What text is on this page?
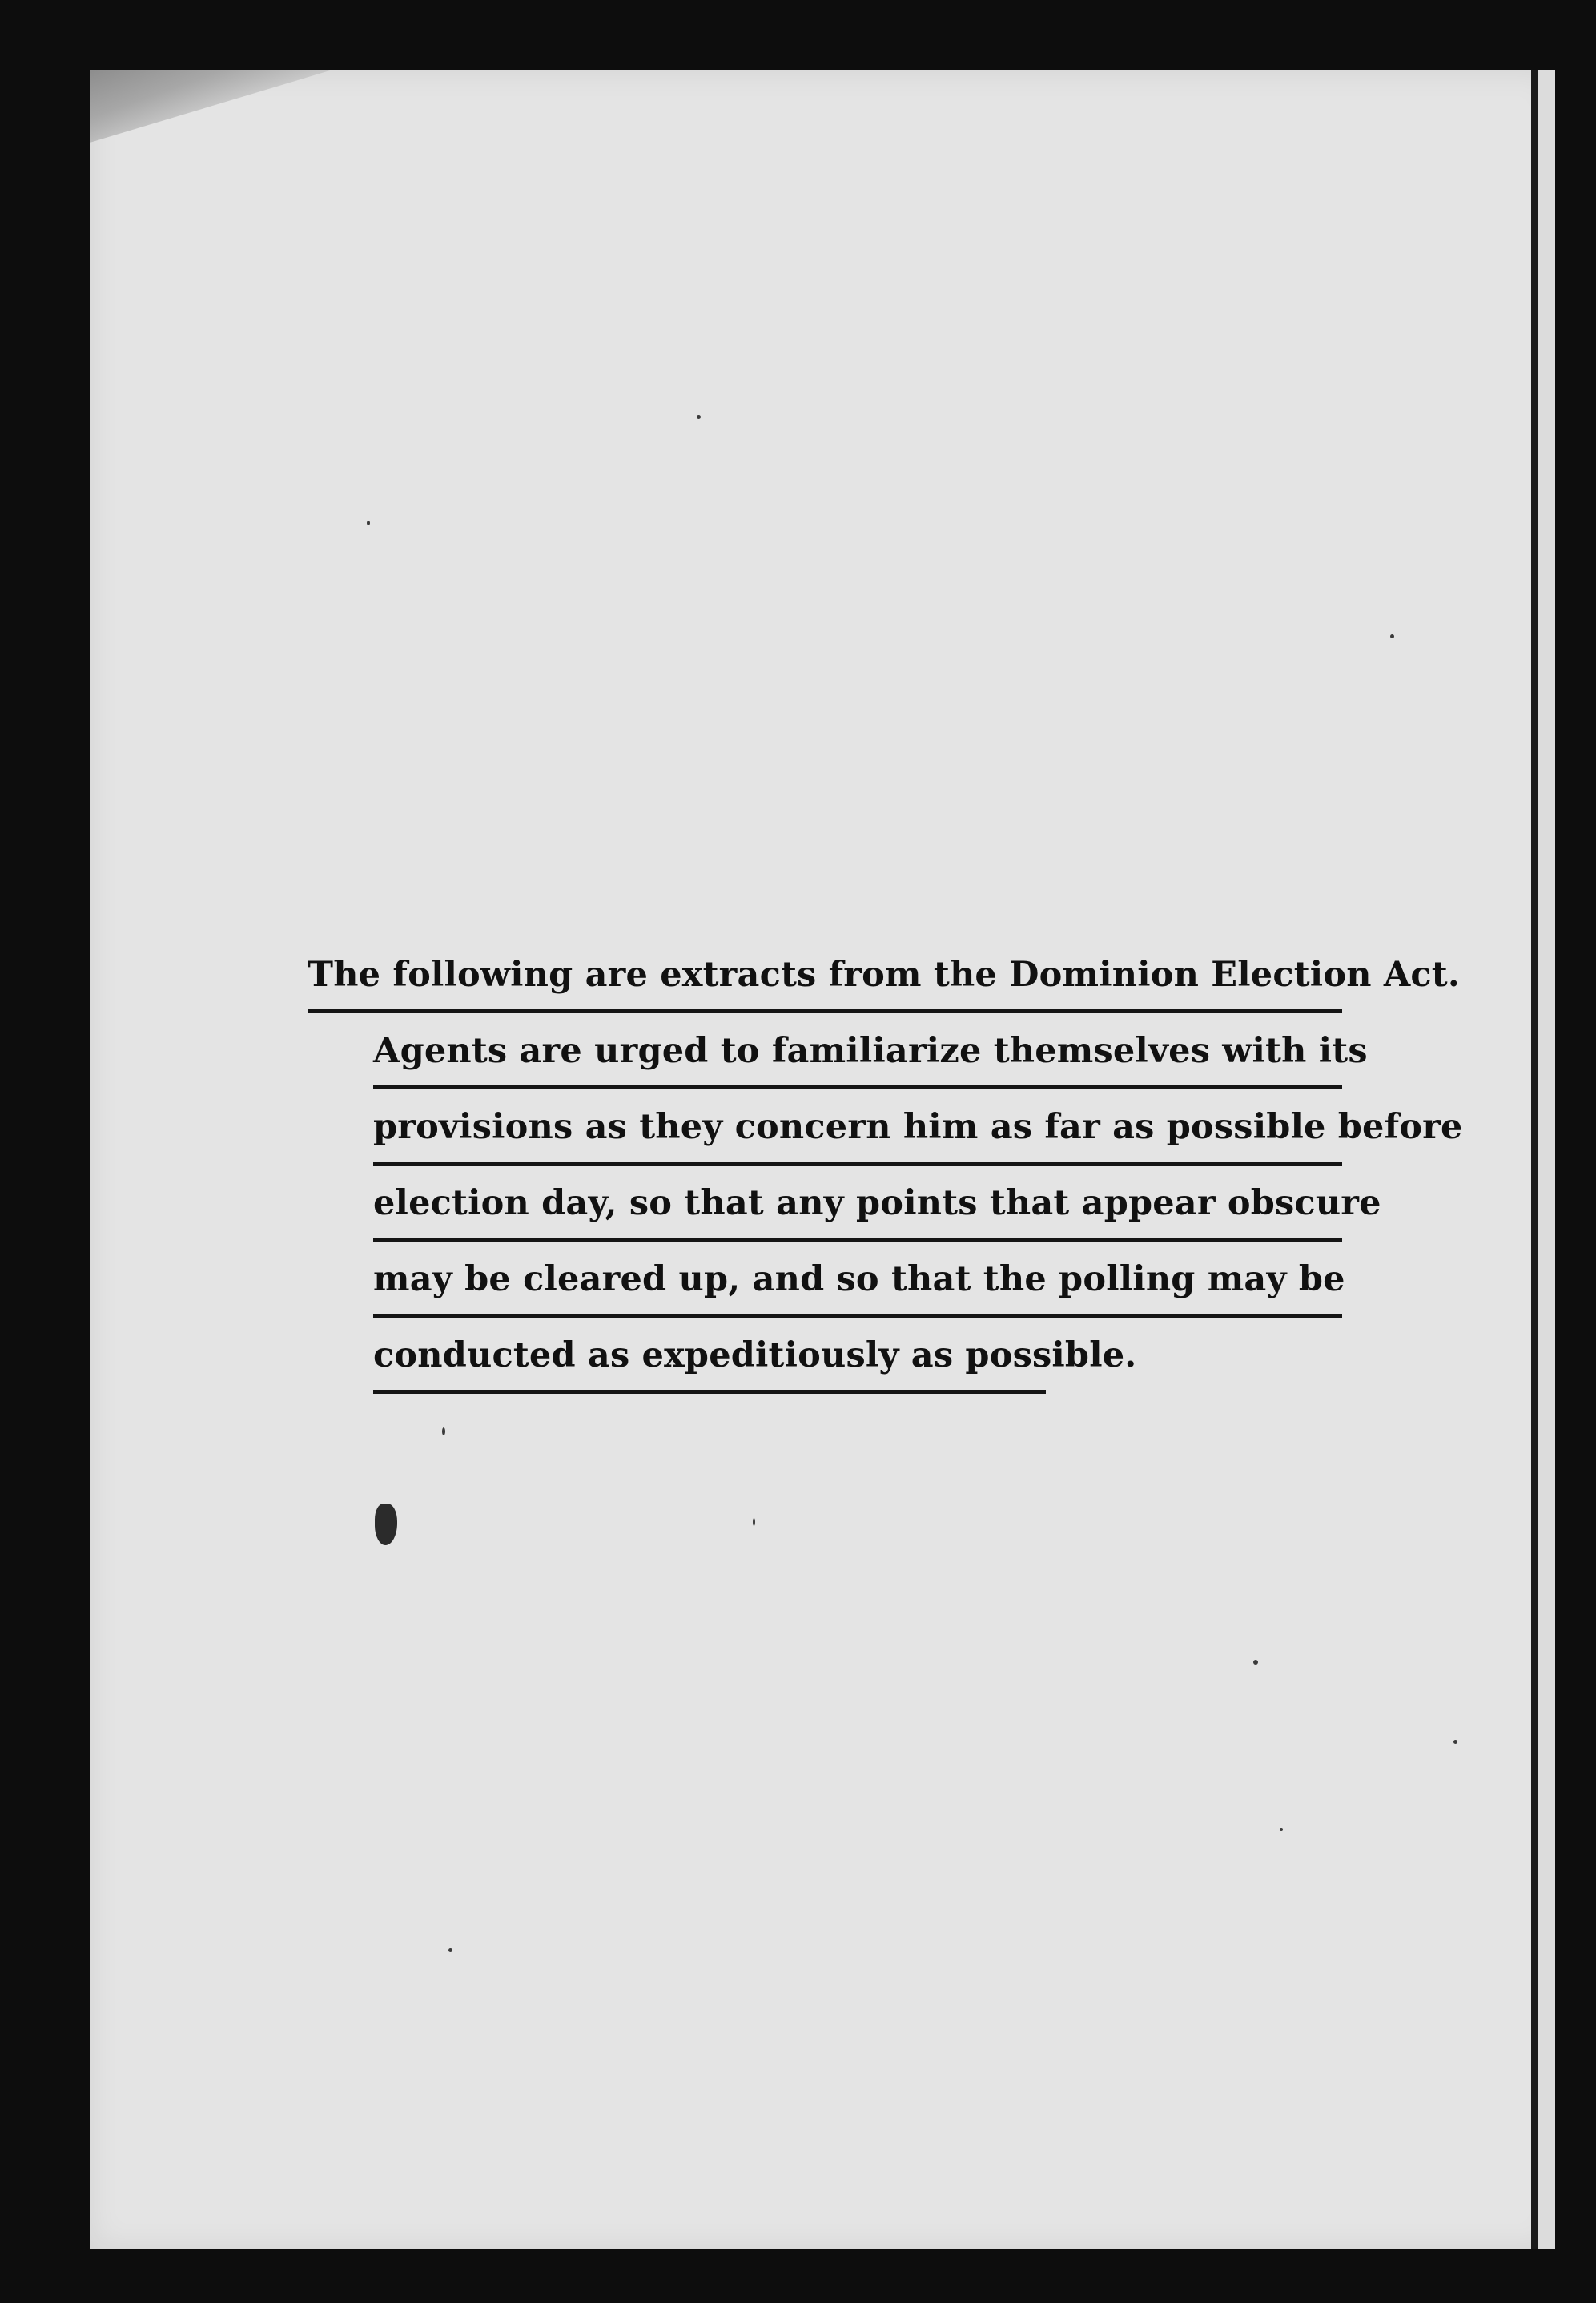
The following are extracts from the Dominion Election Act.
Agents are urged to familiarize themselves with its
provisions as they concern him as far as possible before
election day, so that any points that appear obscure
may be cleared up, and so that the polling may be
conducted as expeditiously as possible.
